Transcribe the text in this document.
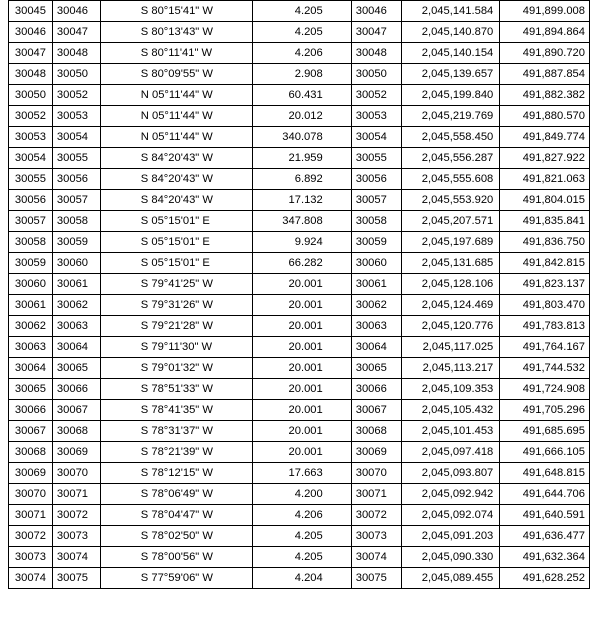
30045	30046	S 80°15'41" W	4.205	30046	2,045,141.584	491,899.008
30046	30047	S 80°13'43" W	4.205	30047	2,045,140.870	491,894.864
30047	30048	S 80°11'41" W	4.206	30048	2,045,140.154	491,890.720
30048	30050	S 80°09'55" W	2.908	30050	2,045,139.657	491,887.854
30050	30052	N 05°11'44" W	60.431	30052	2,045,199.840	491,882.382
30052	30053	N 05°11'44" W	20.012	30053	2,045,219.769	491,880.570
30053	30054	N 05°11'44" W	340.078	30054	2,045,558.450	491,849.774
30054	30055	S 84°20'43" W	21.959	30055	2,045,556.287	491,827.922
30055	30056	S 84°20'43" W	6.892	30056	2,045,555.608	491,821.063
30056	30057	S 84°20'43" W	17.132	30057	2,045,553.920	491,804.015
30057	30058	S 05°15'01" E	347.808	30058	2,045,207.571	491,835.841
30058	30059	S 05°15'01" E	9.924	30059	2,045,197.689	491,836.750
30059	30060	S 05°15'01" E	66.282	30060	2,045,131.685	491,842.815
30060	30061	S 79°41'25" W	20.001	30061	2,045,128.106	491,823.137
30061	30062	S 79°31'26" W	20.001	30062	2,045,124.469	491,803.470
30062	30063	S 79°21'28" W	20.001	30063	2,045,120.776	491,783.813
30063	30064	S 79°11'30" W	20.001	30064	2,045,117.025	491,764.167
30064	30065	S 79°01'32" W	20.001	30065	2,045,113.217	491,744.532
30065	30066	S 78°51'33" W	20.001	30066	2,045,109.353	491,724.908
30066	30067	S 78°41'35" W	20.001	30067	2,045,105.432	491,705.296
30067	30068	S 78°31'37" W	20.001	30068	2,045,101.453	491,685.695
30068	30069	S 78°21'39" W	20.001	30069	2,045,097.418	491,666.105
30069	30070	S 78°12'15" W	17.663	30070	2,045,093.807	491,648.815
30070	30071	S 78°06'49" W	4.200	30071	2,045,092.942	491,644.706
30071	30072	S 78°04'47" W	4.206	30072	2,045,092.074	491,640.591
30072	30073	S 78°02'50" W	4.205	30073	2,045,091.203	491,636.477
30073	30074	S 78°00'56" W	4.205	30074	2,045,090.330	491,632.364
30074	30075	S 77°59'06" W	4.204	30075	2,045,089.455	491,628.252
